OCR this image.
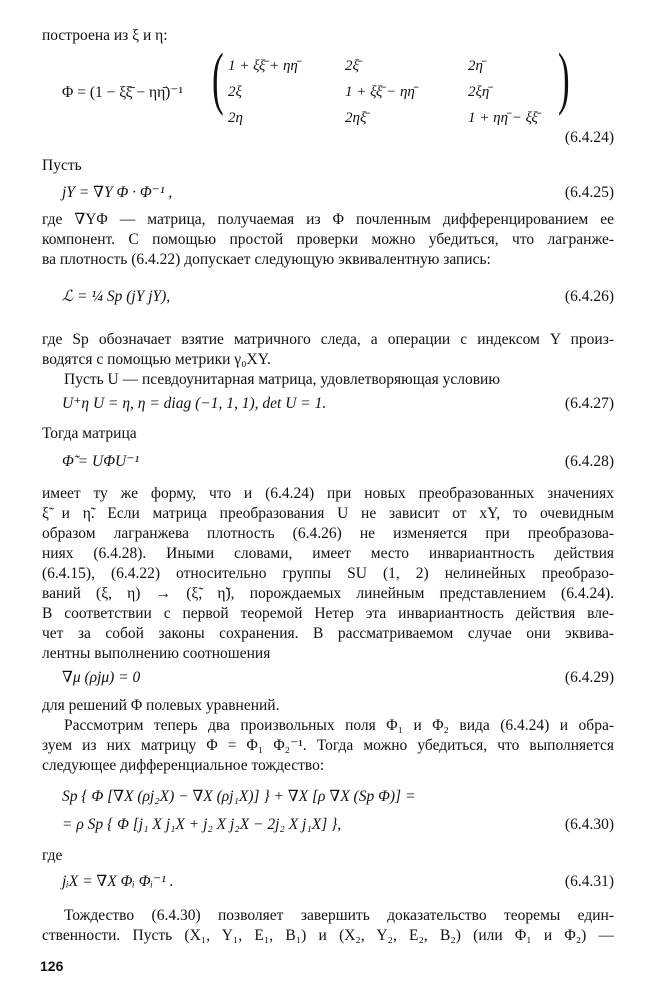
построена из ξ и η:
Φ = (1 − ξξ̄ − ηη̄)⁻¹ ( 1 + ξξ̄ + ηη̄	2ξ̄	2η̄
2ξ	1 + ξξ̄ − ηη̄	2ξη̄
2η	2ηξ̄	1 + ηη̄ − ξξ̄
)
(6.4.24)
Пусть
jY = ∇Y Φ · Φ⁻¹ ,	(6.4.25)
где ∇YΦ — матрица, получаемая из Φ почленным дифференцированием ее
компонент. С помощью простой проверки можно убедиться, что лагранже-
ва плотность (6.4.22) допускает следующую эквивалентную запись:
ℒ = ¼ Sp (jY jY),	(6.4.26)
где Sp обозначает взятие матричного следа, а операции с индексом Y произ-
водятся с помощью метрики γ₀XY.
Пусть U — псевдоунитарная матрица, удовлетворяющая условию
U⁺η U = η, η = diag (−1, 1, 1), det U = 1.	(6.4.27)
Тогда матрица
Φ̃ = UΦU⁻¹	(6.4.28)
имеет ту же форму, что и (6.4.24) при новых преобразованных значениях
ξ̃ и η̃. Если матрица преобразования U не зависит от xY, то очевидным
образом лагранжева плотность (6.4.26) не изменяется при преобразова-
ниях (6.4.28). Иными словами, имеет место инвариантность действия
(6.4.15), (6.4.22) относительно группы SU (1, 2) нелинейных преобразо-
ваний (ξ, η) → (ξ̃, η̃), порождаемых линейным представлением (6.4.24).
В соответствии с первой теоремой Нетер эта инвариантность действия вле-
чет за собой законы сохранения. В рассматриваемом случае они эквива-
лентны выполнению соотношения
∇μ (ρjμ) = 0	(6.4.29)
для решений Φ полевых уравнений.
Рассмотрим теперь два произвольных поля Φ₁ и Φ₂ вида (6.4.24) и обра-
зуем из них матрицу Φ = Φ₁ Φ₂⁻¹. Тогда можно убедиться, что выполняется
следующее дифференциальное тождество:
Sp { Φ [∇X (ρj₂X) − ∇X (ρj₁X)] } + ∇X [ρ ∇X (Sp Φ)] =
= ρ Sp { Φ [j₁ X j₁X + j₂ X j₂X − 2j₂ X j₁X] },	(6.4.30)
где
jᵢX = ∇X Φᵢ Φᵢ⁻¹ .	(6.4.31)
Тождество (6.4.30) позволяет завершить доказательство теоремы един-
ственности. Пусть (X₁, Y₁, E₁, B₁) и (X₂, Y₂, E₂, B₂) (или Φ₁ и Φ₂) —
126
